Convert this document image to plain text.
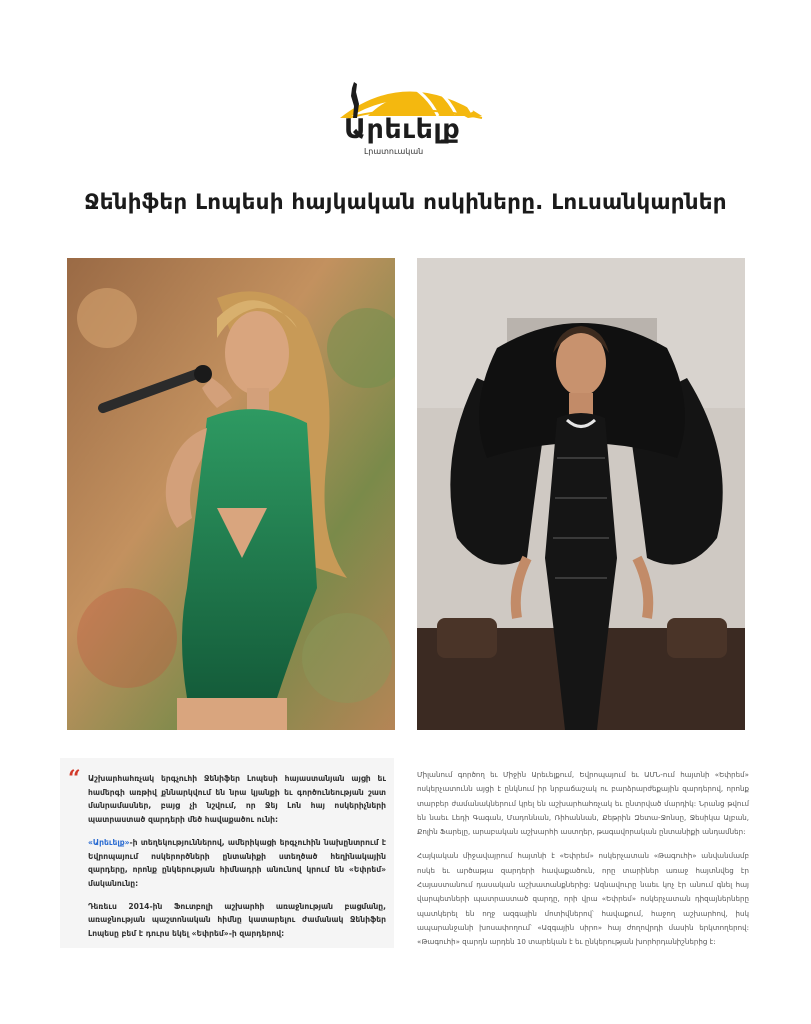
Արեւելք
Լրատուական
Ջենիֆեր Լոպեսի հայկական ոսկիները. Լուսանկարներ
“ Աշխարհահռչակ երգչուհի Ջենիֆեր Լոպեսի հայաստանյան այցի եւ համերգի առթիվ քննարկվում են նրա կյանքի եւ գործունեության շատ մանրամասներ, բայց չի նշվում, որ Ջեյ Լոն հայ ոսկերիչների պատրաստած զարդերի մեծ հավաքածու ունի:

«Արեւելք»-ի տեղեկություններով, ամերիկացի երգչուհին նախընտրում է Եվրոպայում ոսկերործների ընտանիքի ստեղծած հեղինակային զարդերը, որոնք ընկերության հիմնադրի անունով կրում են «Եփրեմ» մականունը:

Դեռեւս 2014-ին Ֆուտբոլի աշխարհի առաջնության բացմանը, առաջնության պաշտոնական հիմնը կատարելու ժամանակ Ջենիֆեր Լոպեսը բեմ է դուրս եկել «Եփրեմ»-ի զարդերով:

Միլանում գործող եւ Միջին Արեւելքում, Եվրոպայում եւ ԱՄՆ-ում հայտնի «Եփրեմ» ոսկերչատունն այցի է ընկնում իր նրբաճաշակ ու բարձրարժեքային զարդերով, որոնք տարբեր ժամանակներում կրել են աշխարհահռչակ եւ ընտրված մարդիկ: Նրանց թվում են նաեւ Լեդի Գագան, Մադոննան, Ռիհաննան, Քեթրին Զետա-Ջոնսը, Ջեսիկա Ալբան, Քոլին Ֆարելը, արաբական աշխարհի աստղեր, թագավորական ընտանիքի անդամներ:

Հայկական միջավայրում հայտնի է «Եփրեմ» ոսկերչատան «Թագուհի» անվանմամբ ոսկե եւ արծաթյա զարդերի հավաքածուն, որը տարիներ առաջ հայտնվեց էր Հայաստանում դասական աշխատանքներից: Ազնավուրը նաեւ կոչ էր անում գնել հայ վարպետների պատրաստած զարդը, որի վրա «Եփրեմ» ոսկերչատան դիզայներները պատկերել են ողջ ազգային մոտիվներով՝ հավաքում, հաջող աշխարհով, իսկ ապարանջանի խոսափողում՝ «Ազգային սիրո» հայ ժողովրդի մասին երկտողերով: «Թագուհի» զարդն արդեն 10 տարեկան է եւ ընկերության խորհրդանիշներից է:
